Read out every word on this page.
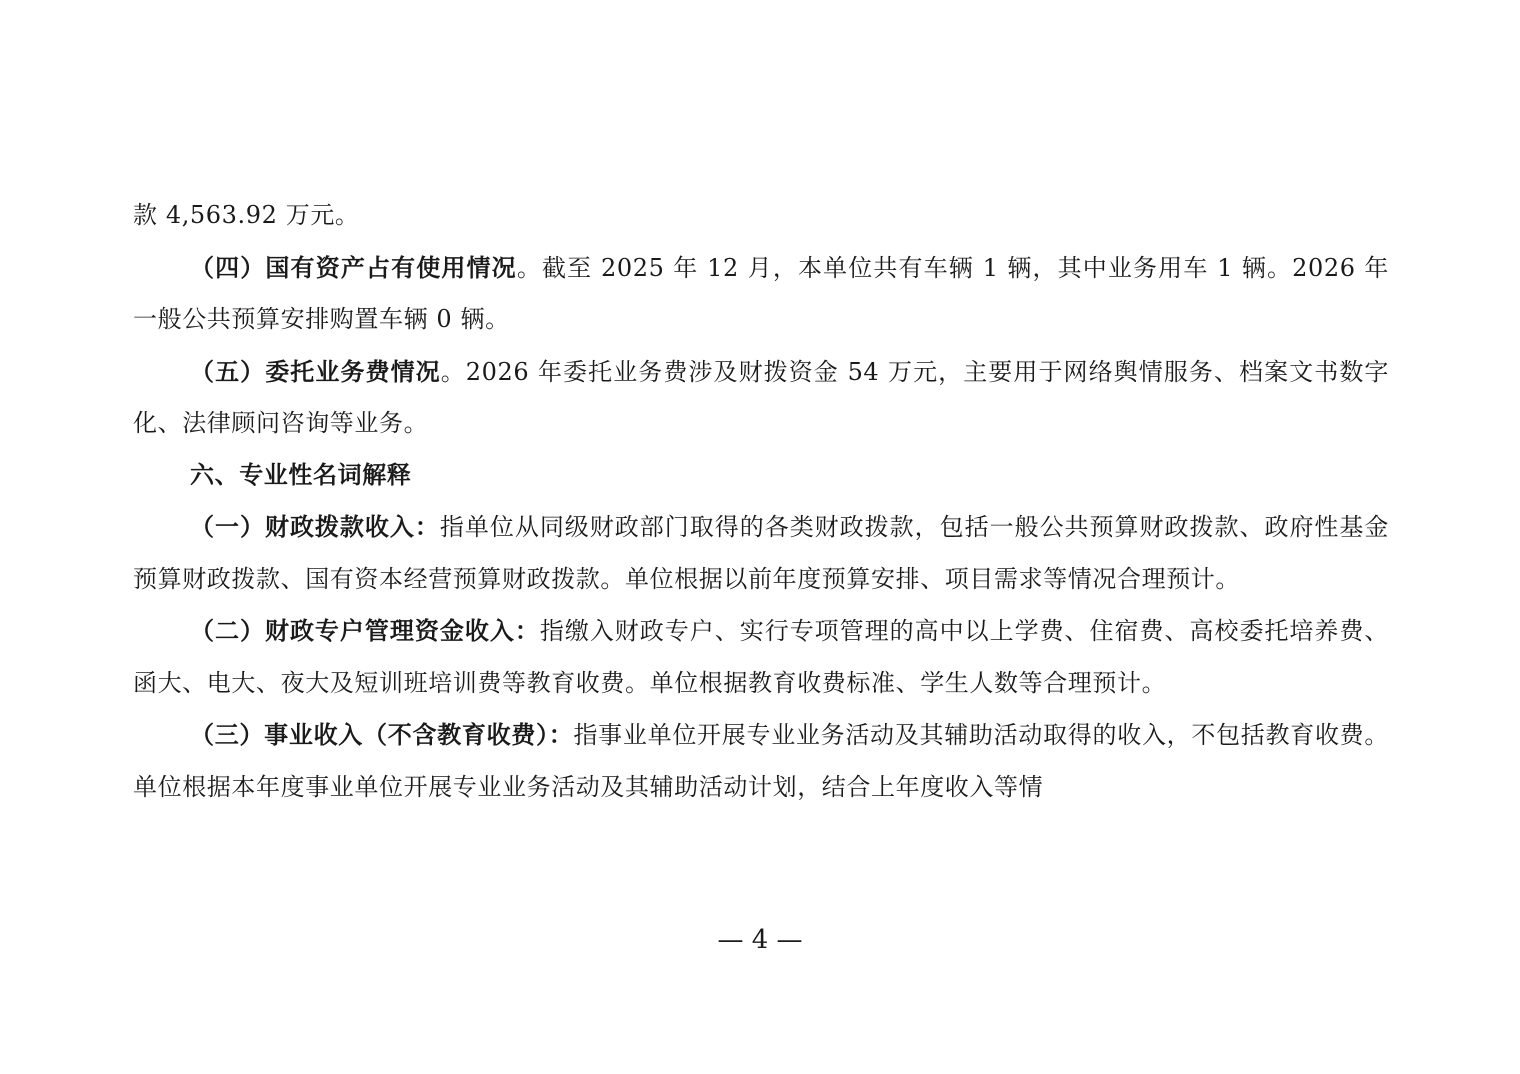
款 4,563.92 万元。

（四）国有资产占有使用情况。截至 2025 年 12 月，本单位共有车辆 1 辆，其中业务用车 1 辆。2026 年一般公共预算安排购置车辆 0 辆。

（五）委托业务费情况。2026 年委托业务费涉及财拨资金 54 万元，主要用于网络舆情服务、档案文书数字化、法律顾问咨询等业务。

六、专业性名词解释

（一）财政拨款收入：指单位从同级财政部门取得的各类财政拨款，包括一般公共预算财政拨款、政府性基金预算财政拨款、国有资本经营预算财政拨款。单位根据以前年度预算安排、项目需求等情况合理预计。

（二）财政专户管理资金收入：指缴入财政专户、实行专项管理的高中以上学费、住宿费、高校委托培养费、函大、电大、夜大及短训班培训费等教育收费。单位根据教育收费标准、学生人数等合理预计。

（三）事业收入（不含教育收费）：指事业单位开展专业业务活动及其辅助活动取得的收入，不包括教育收费。单位根据本年度事业单位开展专业业务活动及其辅助活动计划，结合上年度收入等情

— 4 —
